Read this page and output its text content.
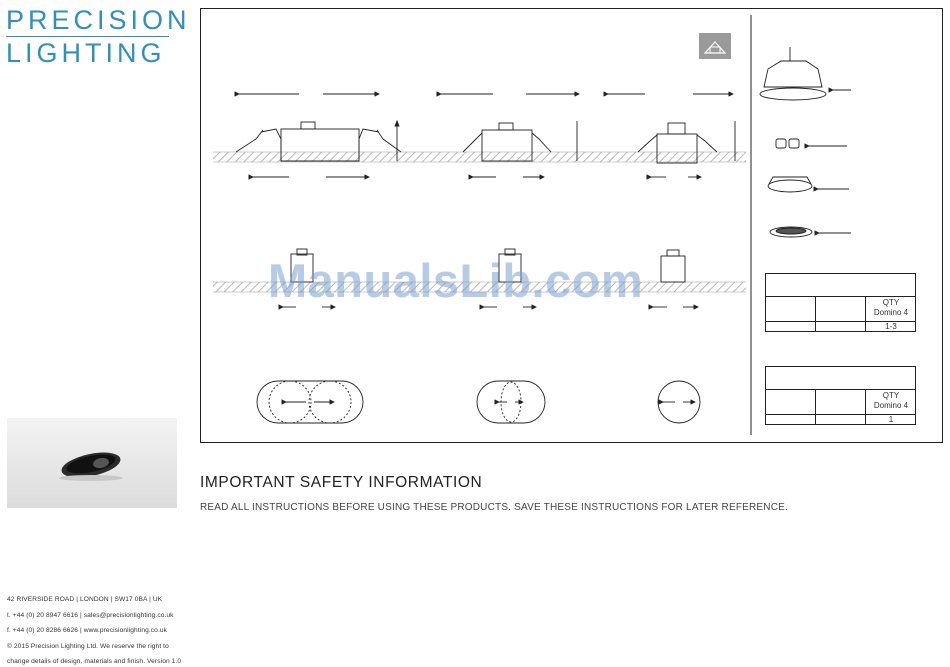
PRECISION
LIGHTING
42 RIVERSIDE ROAD | LONDON | SW17 0BA | UK
t. +44 (0) 20 8947 6616 | sales@precisionlighting.co.uk
f. +44 (0) 20 8286 6626 | www.precisionlighting.co.uk
© 2015 Precision Lighting Ltd. We reserve the right to
change details of design, materials and finish. Version 1.0
QTY
Domino 4
1-3
QTY
Domino 4
1
ManualsLib.com
IMPORTANT SAFETY INFORMATION
READ ALL INSTRUCTIONS BEFORE USING THESE PRODUCTS. SAVE THESE INSTRUCTIONS FOR LATER REFERENCE.
